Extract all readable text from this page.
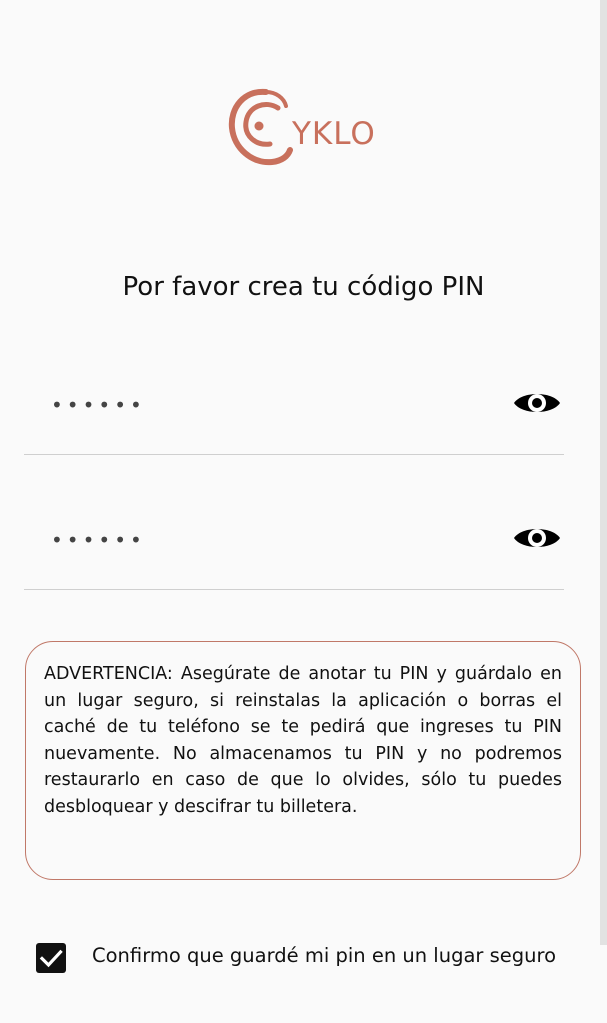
YKLO
Por favor crea tu código PIN
••••••
••••••

ADVERTENCIA: Asegúrate de anotar tu PIN y guárdalo en un lugar seguro, si reinstalas la aplicación o borras el caché de tu teléfono se te pedirá que ingreses tu PIN nuevamente. No almacenamos tu PIN y no podremos restaurarlo en caso de que lo olvides, sólo tu puedes desbloquear y descifrar tu billetera.

Confirmo que guardé mi pin en un lugar seguro
